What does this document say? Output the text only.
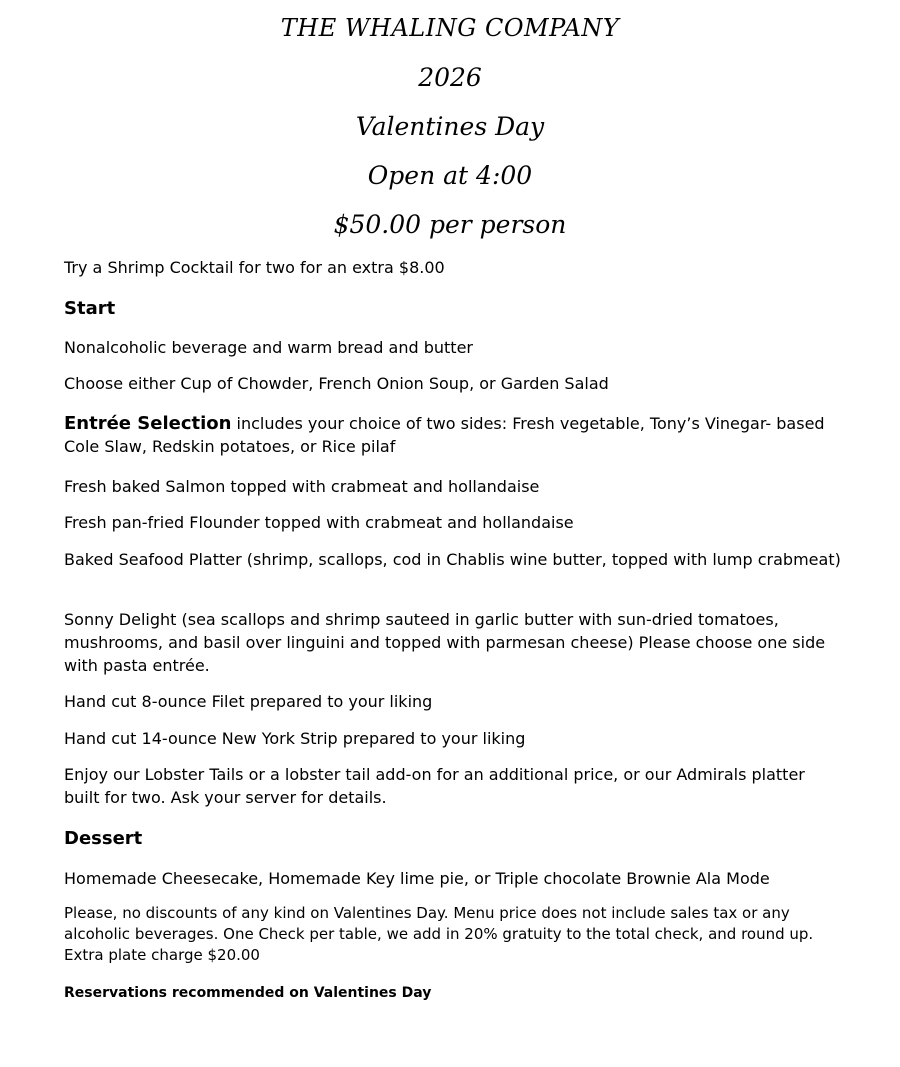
THE WHALING COMPANY
2026
Valentines Day
Open at 4:00
$50.00 per person
Try a Shrimp Cocktail for two for an extra $8.00
Start
Nonalcoholic beverage and warm bread and butter
Choose either Cup of Chowder, French Onion Soup, or Garden Salad
Entrée Selection includes your choice of two sides: Fresh vegetable, Tony’s Vinegar- based Cole Slaw, Redskin potatoes, or Rice pilaf
Fresh baked Salmon topped with crabmeat and hollandaise
Fresh pan-fried Flounder topped with crabmeat and hollandaise
Baked Seafood Platter (shrimp, scallops, cod in Chablis wine butter, topped with lump crabmeat)
Sonny Delight (sea scallops and shrimp sauteed in garlic butter with sun-dried tomatoes, mushrooms, and basil over linguini and topped with parmesan cheese) Please choose one side with pasta entrée.
Hand cut 8-ounce Filet prepared to your liking
Hand cut 14-ounce New York Strip prepared to your liking
Enjoy our Lobster Tails or a lobster tail add-on for an additional price, or our Admirals platter built for two. Ask your server for details.
Dessert
Homemade Cheesecake, Homemade Key lime pie, or Triple chocolate Brownie Ala Mode
Please, no discounts of any kind on Valentines Day. Menu price does not include sales tax or any alcoholic beverages. One Check per table, we add in 20% gratuity to the total check, and round up. Extra plate charge $20.00
Reservations recommended on Valentines Day
